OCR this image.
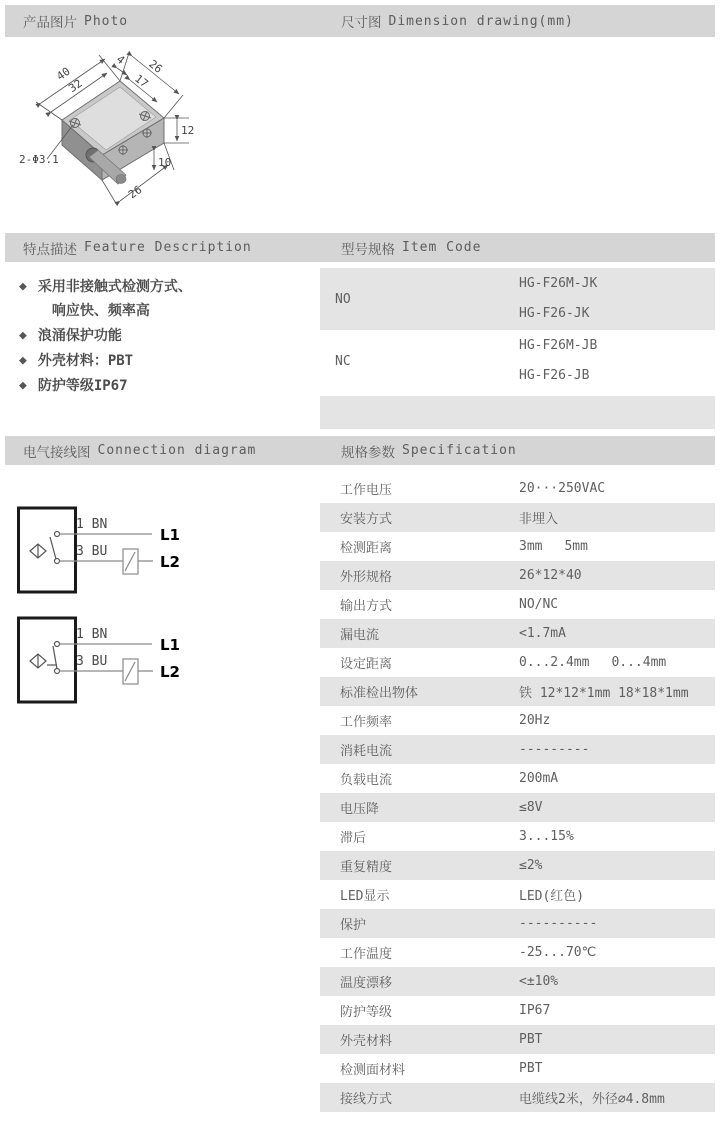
产品图片 Photo	尺寸图 Dimension drawing(mm)
40
32
4
17
26
12
10
26
2-Φ3.1
特点描述 Feature Description	型号规格 Item Code
◆ 采用非接触式检测方式、
响应快、频率高
◆ 浪涌保护功能
◆ 外壳材料：PBT
◆ 防护等级IP67
NO
HG-F26M-JK
HG-F26-JK
NC
HG-F26M-JB
HG-F26-JB
电气接线图 Connection diagram	规格参数 Specification
1 BN
3 BU
L1
L2
1 BN
3 BU
L1
L2
工作电压	20···250VAC
安装方式	非埋入
检测距离	3mm 5mm
外形规格	26*12*40
输出方式	NO/NC
漏电流	<1.7mA
设定距离	0...2.4mm 0...4mm
标准检出物体	铁 12*12*1mm 18*18*1mm
工作频率	20Hz
消耗电流	---------
负载电流	200mA
电压降	≤8V
滞后	3...15%
重复精度	≤2%
LED显示	LED(红色)
保护	----------
工作温度	-25...70℃
温度漂移	<±10%
防护等级	IP67
外壳材料	PBT
检测面材料	PBT
接线方式	电缆线2米，外径∅4.8mm
